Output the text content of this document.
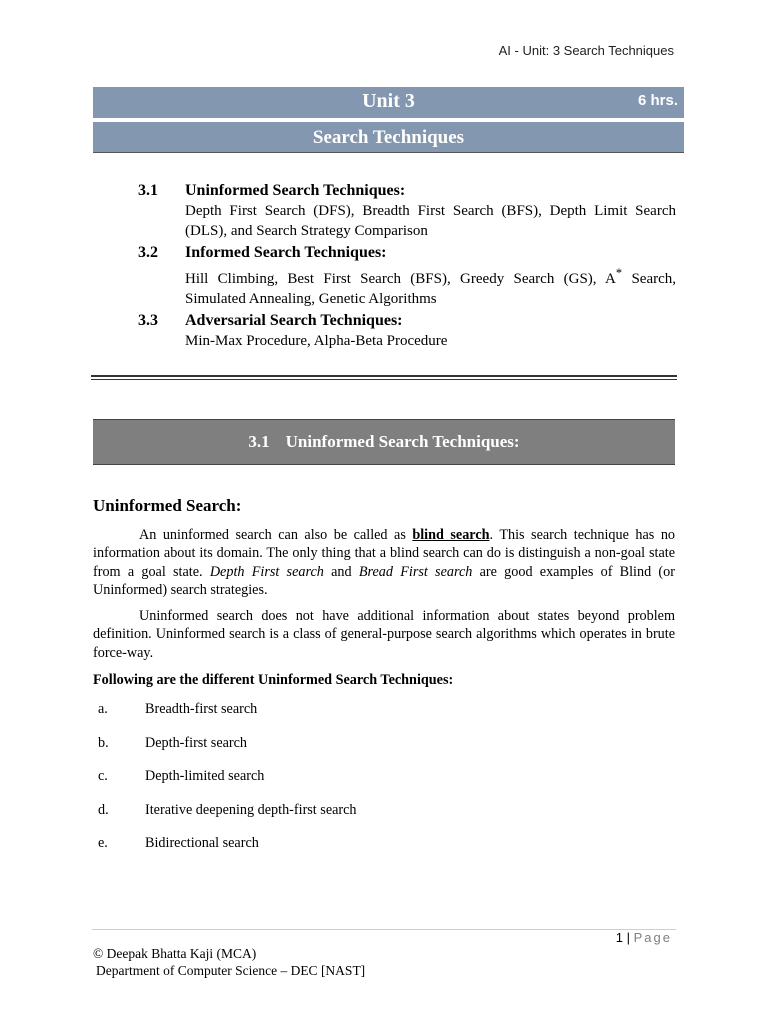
AI - Unit: 3 Search Techniques
Unit 3	6 hrs.
Search Techniques
3.1	Uninformed Search Techniques:
Depth First Search (DFS), Breadth First Search (BFS), Depth Limit Search (DLS), and Search Strategy Comparison
3.2	Informed Search Techniques:
Hill Climbing, Best First Search (BFS), Greedy Search (GS), A* Search, Simulated Annealing, Genetic Algorithms
3.3	Adversarial Search Techniques:
Min-Max Procedure, Alpha-Beta Procedure
3.1 Uninformed Search Techniques:
Uninformed Search:
An uninformed search can also be called as blind search. This search technique has no information about its domain. The only thing that a blind search can do is distinguish a non-goal state from a goal state. Depth First search and Bread First search are good examples of Blind (or Uninformed) search strategies.
Uninformed search does not have additional information about states beyond problem definition. Uninformed search is a class of general-purpose search algorithms which operates in brute force-way.
Following are the different Uninformed Search Techniques:
a.	Breadth-first search
b.	Depth-first search
c.	Depth-limited search
d.	Iterative deepening depth-first search
e.	Bidirectional search
1 | Page
© Deepak Bhatta Kaji (MCA)
Department of Computer Science – DEC [NAST]
